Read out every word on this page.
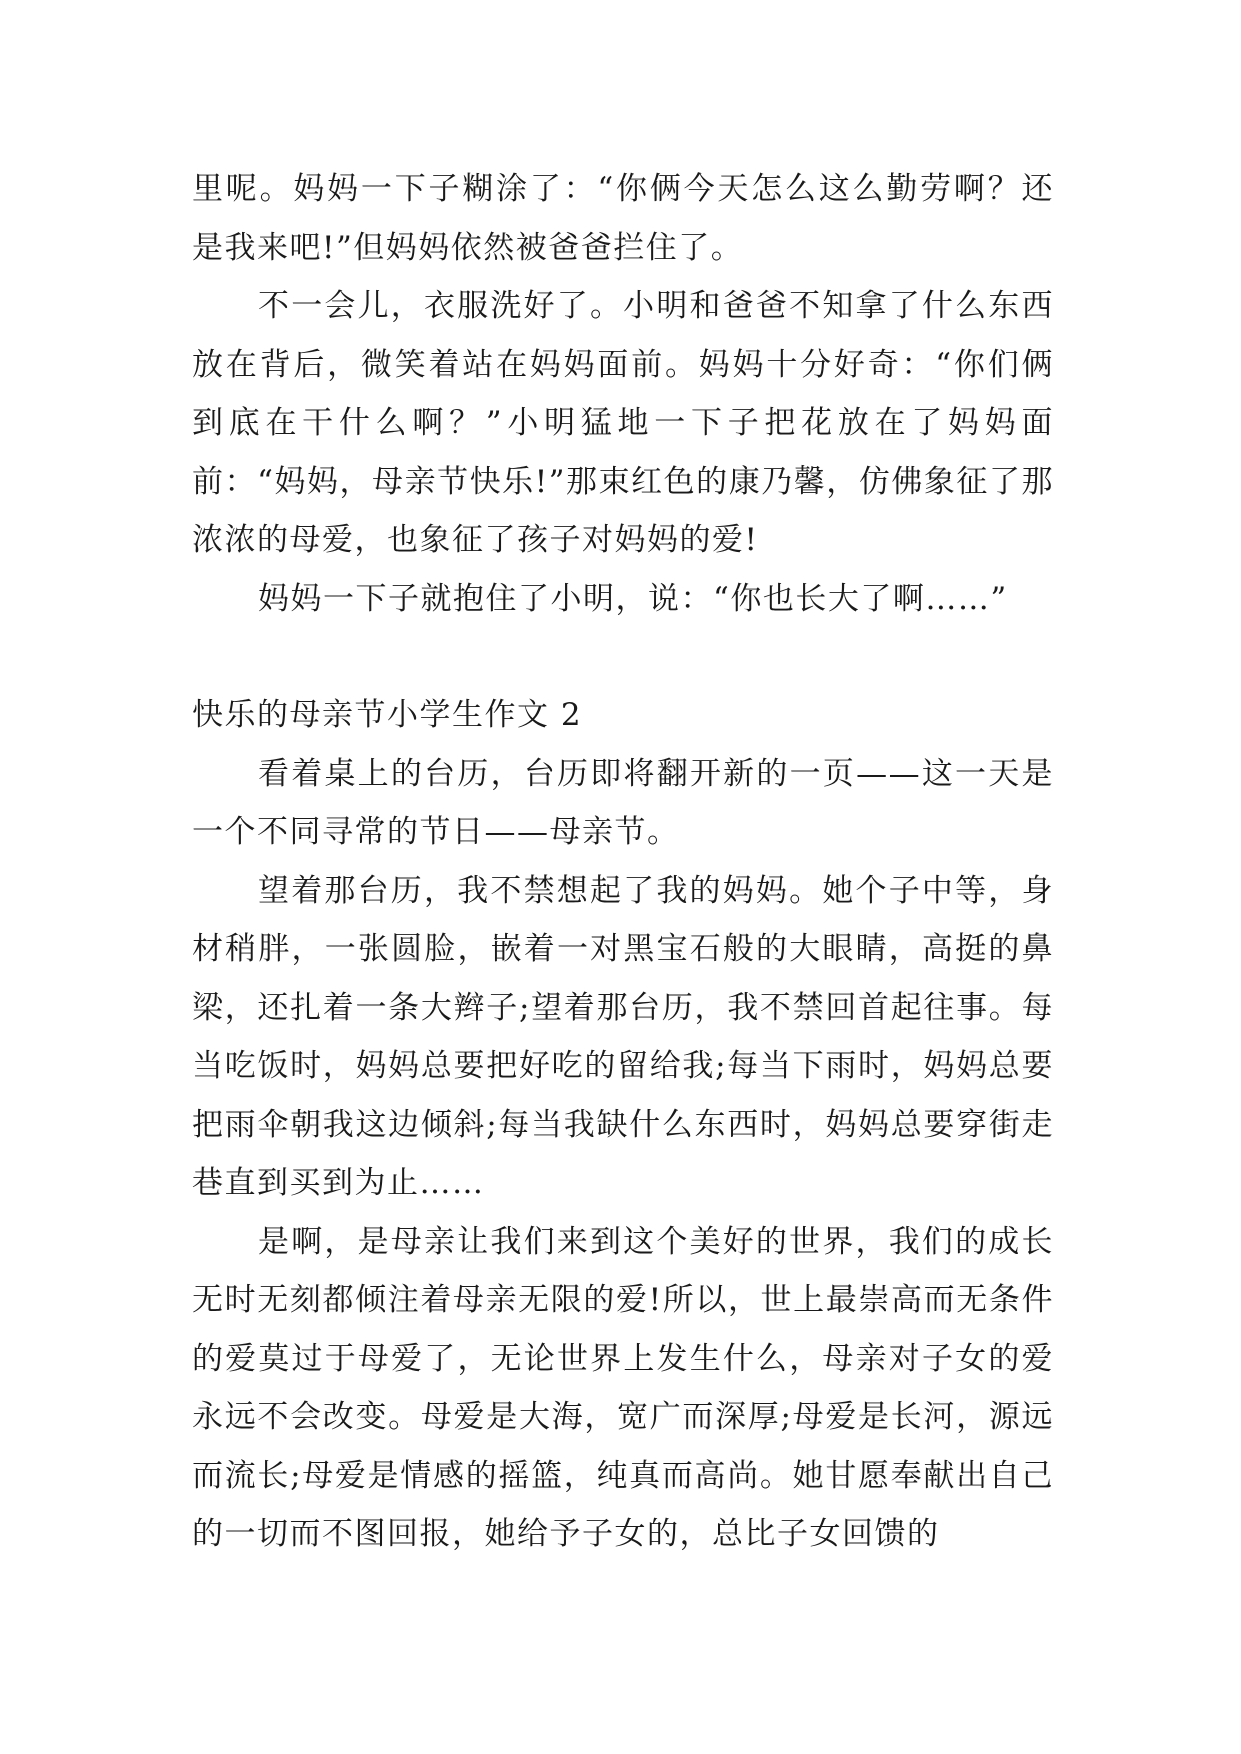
里呢。妈妈一下子糊涂了：“你俩今天怎么这么勤劳啊？还是我来吧!”但妈妈依然被爸爸拦住了。

不一会儿，衣服洗好了。小明和爸爸不知拿了什么东西放在背后，微笑着站在妈妈面前。妈妈十分好奇：“你们俩到底在干什么啊？”小明猛地一下子把花放在了妈妈面前：“妈妈，母亲节快乐!”那束红色的康乃馨，仿佛象征了那浓浓的母爱，也象征了孩子对妈妈的爱!

妈妈一下子就抱住了小明，说：“你也长大了啊……”

快乐的母亲节小学生作文 2

看着桌上的台历，台历即将翻开新的一页——这一天是一个不同寻常的节日——母亲节。

望着那台历，我不禁想起了我的妈妈。她个子中等，身材稍胖，一张圆脸，嵌着一对黑宝石般的大眼睛，高挺的鼻梁，还扎着一条大辫子;望着那台历，我不禁回首起往事。每当吃饭时，妈妈总要把好吃的留给我;每当下雨时，妈妈总要把雨伞朝我这边倾斜;每当我缺什么东西时，妈妈总要穿街走巷直到买到为止……

是啊，是母亲让我们来到这个美好的世界，我们的成长无时无刻都倾注着母亲无限的爱!所以，世上最崇高而无条件的爱莫过于母爱了，无论世界上发生什么，母亲对子女的爱永远不会改变。母爱是大海，宽广而深厚;母爱是长河，源远而流长;母爱是情感的摇篮，纯真而高尚。她甘愿奉献出自己的一切而不图回报，她给予子女的，总比子女回馈的
